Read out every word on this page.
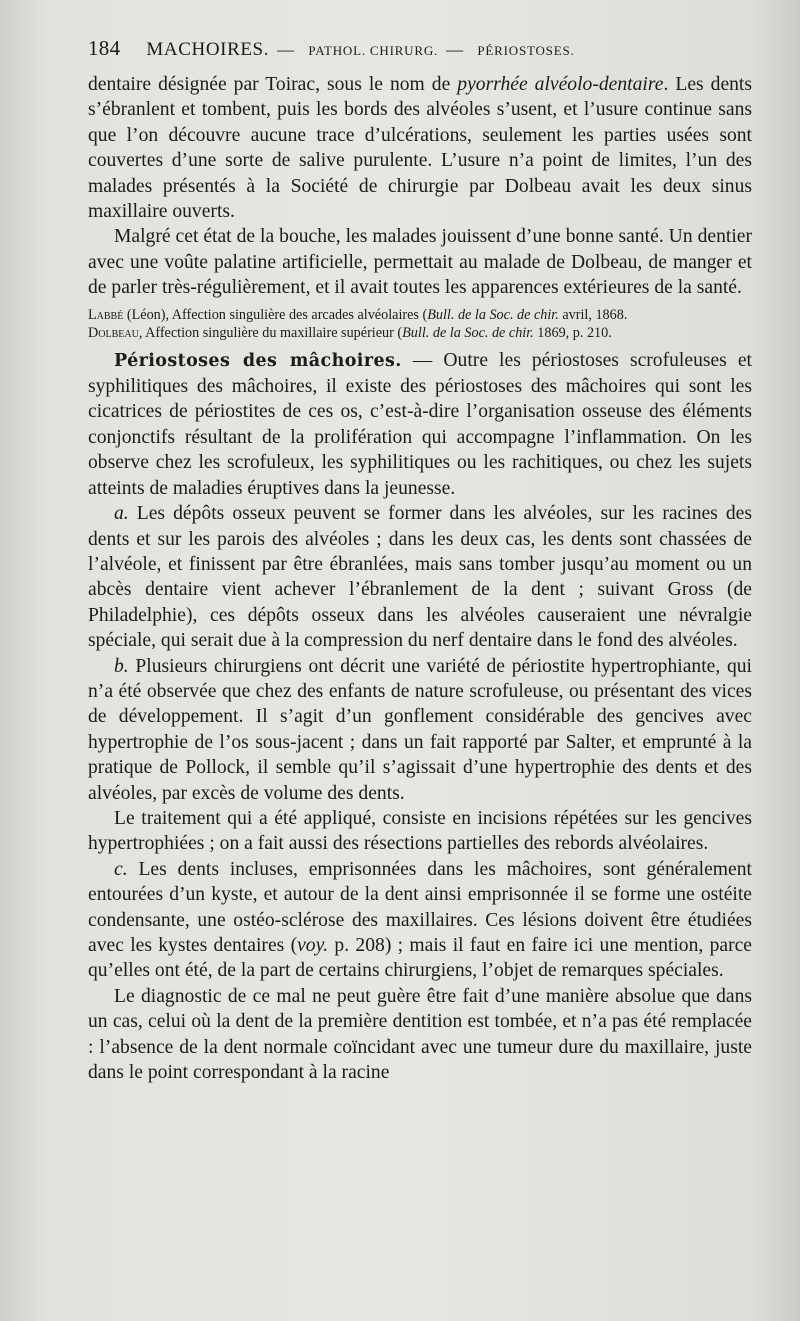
184 MACHOIRES. — PATHOL. CHIRURG. — PÉRIOSTOSES.

dentaire désignée par Toirac, sous le nom de pyorrhée alvéolo-dentaire. Les dents s’ébranlent et tombent, puis les bords des alvéoles s’usent, et l’usure continue sans que l’on découvre aucune trace d’ulcérations, seulement les parties usées sont couvertes d’une sorte de salive purulente. L’usure n’a point de limites, l’un des malades présentés à la Société de chirurgie par Dolbeau avait les deux sinus maxillaire ouverts.

Malgré cet état de la bouche, les malades jouissent d’une bonne santé. Un dentier avec une voûte palatine artificielle, permettait au malade de Dolbeau, de manger et de parler très-régulièrement, et il avait toutes les apparences extérieures de la santé.

Labbé (Léon), Affection singulière des arcades alvéolaires (Bull. de la Soc. de chir. avril, 1868.

Dolbeau, Affection singulière du maxillaire supérieur (Bull. de la Soc. de chir. 1869, p. 210.

Périostoses des mâchoires. — Outre les périostoses scrofuleuses et syphilitiques des mâchoires, il existe des périostoses des mâchoires qui sont les cicatrices de périostites de ces os, c’est-à-dire l’organisation osseuse des éléments conjonctifs résultant de la prolifération qui accompagne l’inflammation. On les observe chez les scrofuleux, les syphilitiques ou les rachitiques, ou chez les sujets atteints de maladies éruptives dans la jeunesse.

a. Les dépôts osseux peuvent se former dans les alvéoles, sur les racines des dents et sur les parois des alvéoles ; dans les deux cas, les dents sont chassées de l’alvéole, et finissent par être ébranlées, mais sans tomber jusqu’au moment ou un abcès dentaire vient achever l’ébranlement de la dent ; suivant Gross (de Philadelphie), ces dépôts osseux dans les alvéoles causeraient une névralgie spéciale, qui serait due à la compression du nerf dentaire dans le fond des alvéoles.

b. Plusieurs chirurgiens ont décrit une variété de périostite hypertrophiante, qui n’a été observée que chez des enfants de nature scrofuleuse, ou présentant des vices de développement. Il s’agit d’un gonflement considérable des gencives avec hypertrophie de l’os sous-jacent ; dans un fait rapporté par Salter, et emprunté à la pratique de Pollock, il semble qu’il s’agissait d’une hypertrophie des dents et des alvéoles, par excès de volume des dents.

Le traitement qui a été appliqué, consiste en incisions répétées sur les gencives hypertrophiées ; on a fait aussi des résections partielles des rebords alvéolaires.

c. Les dents incluses, emprisonnées dans les mâchoires, sont généralement entourées d’un kyste, et autour de la dent ainsi emprisonnée il se forme une ostéite condensante, une ostéo-sclérose des maxillaires. Ces lésions doivent être étudiées avec les kystes dentaires (voy. p. 208) ; mais il faut en faire ici une mention, parce qu’elles ont été, de la part de certains chirurgiens, l’objet de remarques spéciales.

Le diagnostic de ce mal ne peut guère être fait d’une manière absolue que dans un cas, celui où la dent de la première dentition est tombée, et n’a pas été remplacée : l’absence de la dent normale coïncidant avec une tumeur dure du maxillaire, juste dans le point correspondant à la racine
